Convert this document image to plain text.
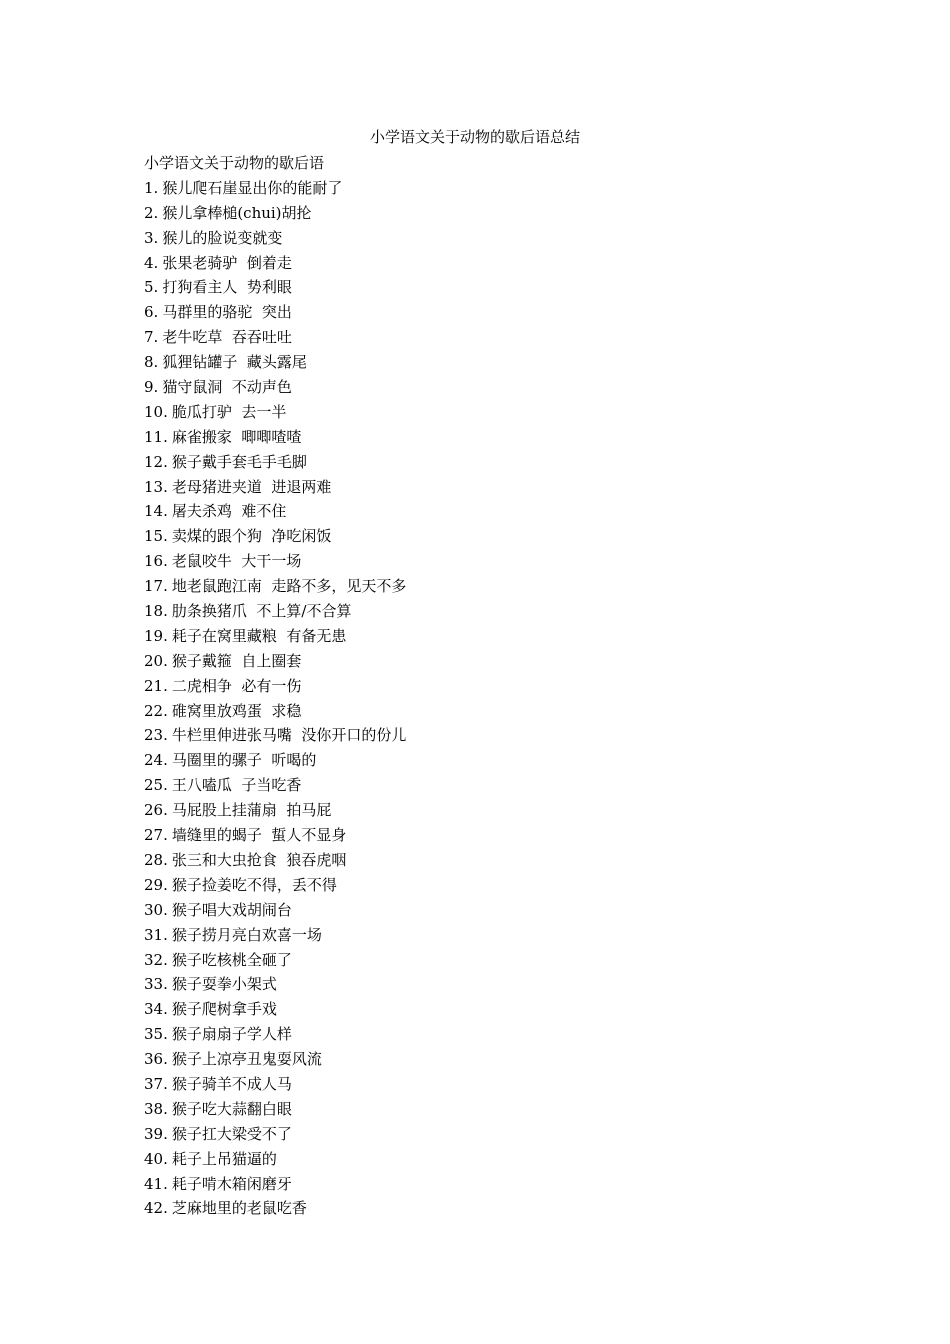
小学语文关于动物的歇后语总结
小学语文关于动物的歇后语
1. 猴儿爬石崖显出你的能耐了
2. 猴儿拿棒槌(chui)胡抡
3. 猴儿的脸说变就变
4. 张果老骑驴  倒着走
5. 打狗看主人  势利眼
6. 马群里的骆驼  突出
7. 老牛吃草  吞吞吐吐
8. 狐狸钻罐子  藏头露尾
9. 猫守鼠洞  不动声色
10. 脆瓜打驴  去一半
11. 麻雀搬家  唧唧喳喳
12. 猴子戴手套毛手毛脚
13. 老母猪进夹道  进退两难
14. 屠夫杀鸡  难不住
15. 卖煤的跟个狗  净吃闲饭
16. 老鼠咬牛  大干一场
17. 地老鼠跑江南  走路不多，见天不多
18. 肋条换猪爪  不上算/不合算
19. 耗子在窝里藏粮  有备无患
20. 猴子戴箍  自上圈套
21. 二虎相争  必有一伤
22. 碓窝里放鸡蛋  求稳
23. 牛栏里伸进张马嘴  没你开口的份儿
24. 马圈里的骡子  听喝的
25. 王八嗑瓜  子当吃香
26. 马屁股上挂蒲扇  拍马屁
27. 墙缝里的蝎子  蜇人不显身
28. 张三和大虫抢食  狼吞虎咽
29. 猴子捡姜吃不得，丢不得
30. 猴子唱大戏胡闹台
31. 猴子捞月亮白欢喜一场
32. 猴子吃核桃全砸了
33. 猴子耍拳小架式
34. 猴子爬树拿手戏
35. 猴子扇扇子学人样
36. 猴子上凉亭丑鬼耍风流
37. 猴子骑羊不成人马
38. 猴子吃大蒜翻白眼
39. 猴子扛大梁受不了
40. 耗子上吊猫逼的
41. 耗子啃木箱闲磨牙
42. 芝麻地里的老鼠吃香
